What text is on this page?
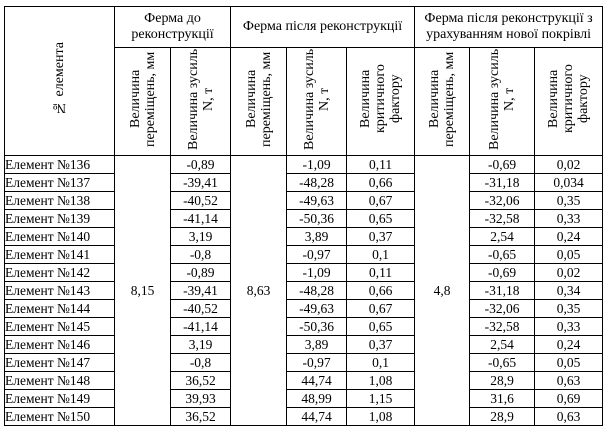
№ елемента	Ферма до реконструкції		Ферма після реконструкції			Ферма після реконструкції з урахуванням нової покрівлі		
	Величина переміщень, мм	Величина зусиль N, т	Величина переміщень, мм	Величина зусиль N, т	Величина критичного фактору	Величина переміщень, мм	Величина зусиль N, т	Величина критичного фактору
Елемент №136	8,15	-0,89	8,63	-1,09	0,11	4,8	-0,69	0,02
Елемент №137		-39,41		-48,28	0,66		-31,18	0,034
Елемент №138		-40,52		-49,63	0,67		-32,06	0,35
Елемент №139		-41,14		-50,36	0,65		-32,58	0,33
Елемент №140		3,19		3,89	0,37		2,54	0,24
Елемент №141		-0,8		-0,97	0,1		-0,65	0,05
Елемент №142		-0,89		-1,09	0,11		-0,69	0,02
Елемент №143		-39,41		-48,28	0,66		-31,18	0,34
Елемент №144		-40,52		-49,63	0,67		-32,06	0,35
Елемент №145		-41,14		-50,36	0,65		-32,58	0,33
Елемент №146		3,19		3,89	0,37		2,54	0,24
Елемент №147		-0,8		-0,97	0,1		-0,65	0,05
Елемент №148		36,52		44,74	1,08		28,9	0,63
Елемент №149		39,93		48,99	1,15		31,6	0,69
Елемент №150		36,52		44,74	1,08		28,9	0,63
